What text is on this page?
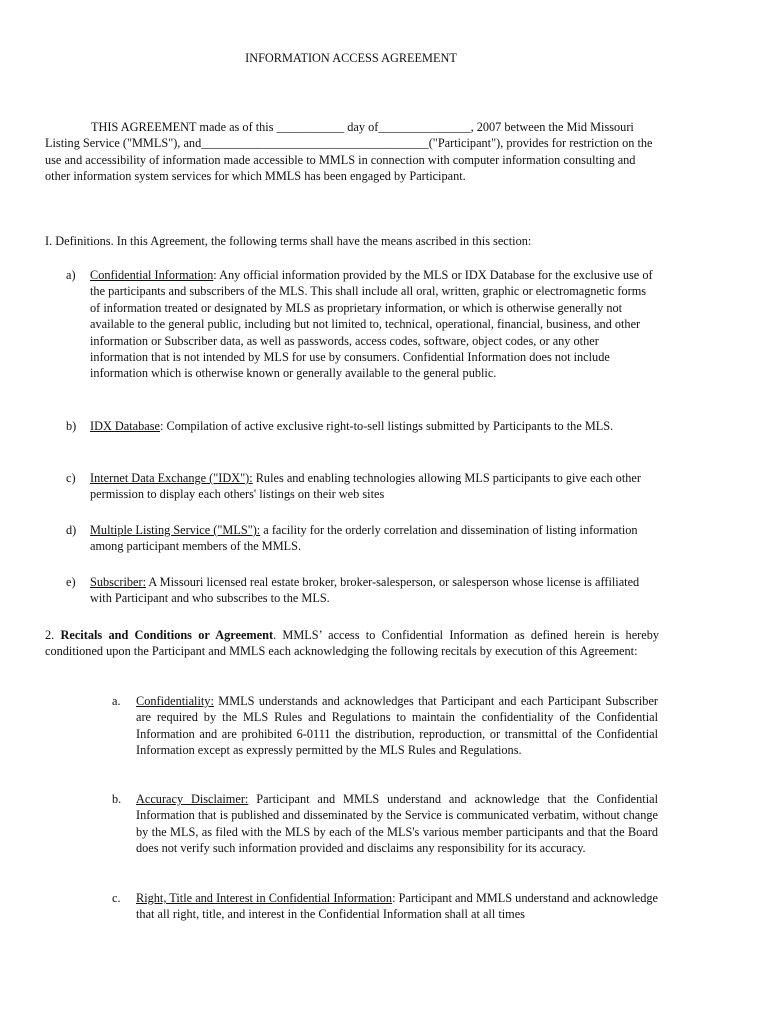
INFORMATION ACCESS AGREEMENT

THIS AGREEMENT made as of this ___________ day of_______________, 2007 between the Mid Missouri Listing Service ("MMLS"), and_____________________________________("Participant"), provides for restriction on the use and accessibility of information made accessible to MMLS in connection with computer information consulting and other information system services for which MMLS has been engaged by Participant.

I. Definitions. In this Agreement, the following terms shall have the means ascribed in this section:

a)	Confidential Information: Any official information provided by the MLS or IDX Database for the exclusive use of the participants and subscribers of the MLS. This shall include all oral, written, graphic or electromagnetic forms of information treated or designated by MLS as proprietary information, or which is otherwise generally not available to the general public, including but not limited to, technical, operational, financial, business, and other information or Subscriber data, as well as passwords, access codes, software, object codes, or any other information that is not intended by MLS for use by consumers. Confidential Information does not include information which is otherwise known or generally available to the general public.
b)	IDX Database: Compilation of active exclusive right-to-sell listings submitted by Participants to the MLS.
c)	Internet Data Exchange ("IDX"): Rules and enabling technologies allowing MLS participants to give each other permission to display each others' listings on their web sites
d)	Multiple Listing Service ("MLS"): a facility for the orderly correlation and dissemination of listing information among participant members of the MMLS.
e)	Subscriber: A Missouri licensed real estate broker, broker-salesperson, or salesperson whose license is affiliated with Participant and who subscribes to the MLS.

2. Recitals and Conditions or Agreement. MMLS’ access to Confidential Information as defined herein is hereby conditioned upon the Participant and MMLS each acknowledging the following recitals by execution of this Agreement:

a.	Confidentiality: MMLS understands and acknowledges that Participant and each Participant Subscriber are required by the MLS Rules and Regulations to maintain the confidentiality of the Confidential Information and are prohibited 6-0111 the distribution, reproduction, or transmittal of the Confidential Information except as expressly permitted by the MLS Rules and Regulations.
b.	Accuracy Disclaimer: Participant and MMLS understand and acknowledge that the Confidential Information that is published and disseminated by the Service is communicated verbatim, without change by the MLS, as filed with the MLS by each of the MLS's various member participants and that the Board does not verify such information provided and disclaims any responsibility for its accuracy.
c.	Right, Title and Interest in Confidential Information: Participant and MMLS understand and acknowledge that all right, title, and interest in the Confidential Information shall at all times
